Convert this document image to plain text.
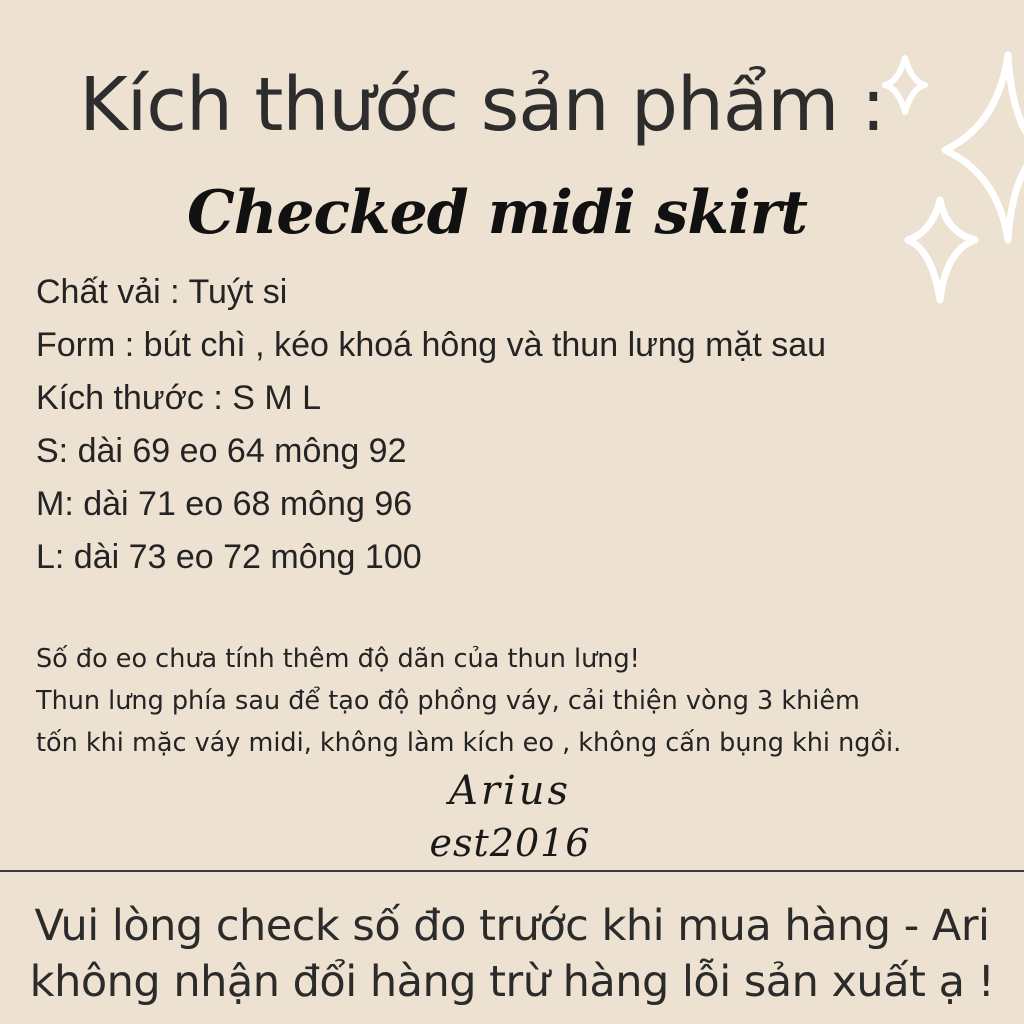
Kích thước sản phẩm :
Checked midi skirt
Chất vải : Tuýt si
Form : bút chì , kéo khoá hông và thun lưng mặt sau
Kích thước : S M L
S: dài 69 eo 64 mông 92
M: dài 71 eo 68 mông 96
L: dài 73 eo 72 mông 100
Số đo eo chưa tính thêm độ dãn của thun lưng!
Thun lưng phía sau để tạo độ phồng váy, cải thiện vòng 3 khiêm
tốn khi mặc váy midi, không làm kích eo , không cấn bụng khi ngồi.
Arius
est2016
Vui lòng check số đo trước khi mua hàng - Ari
không nhận đổi hàng trừ hàng lỗi sản xuất ạ !
